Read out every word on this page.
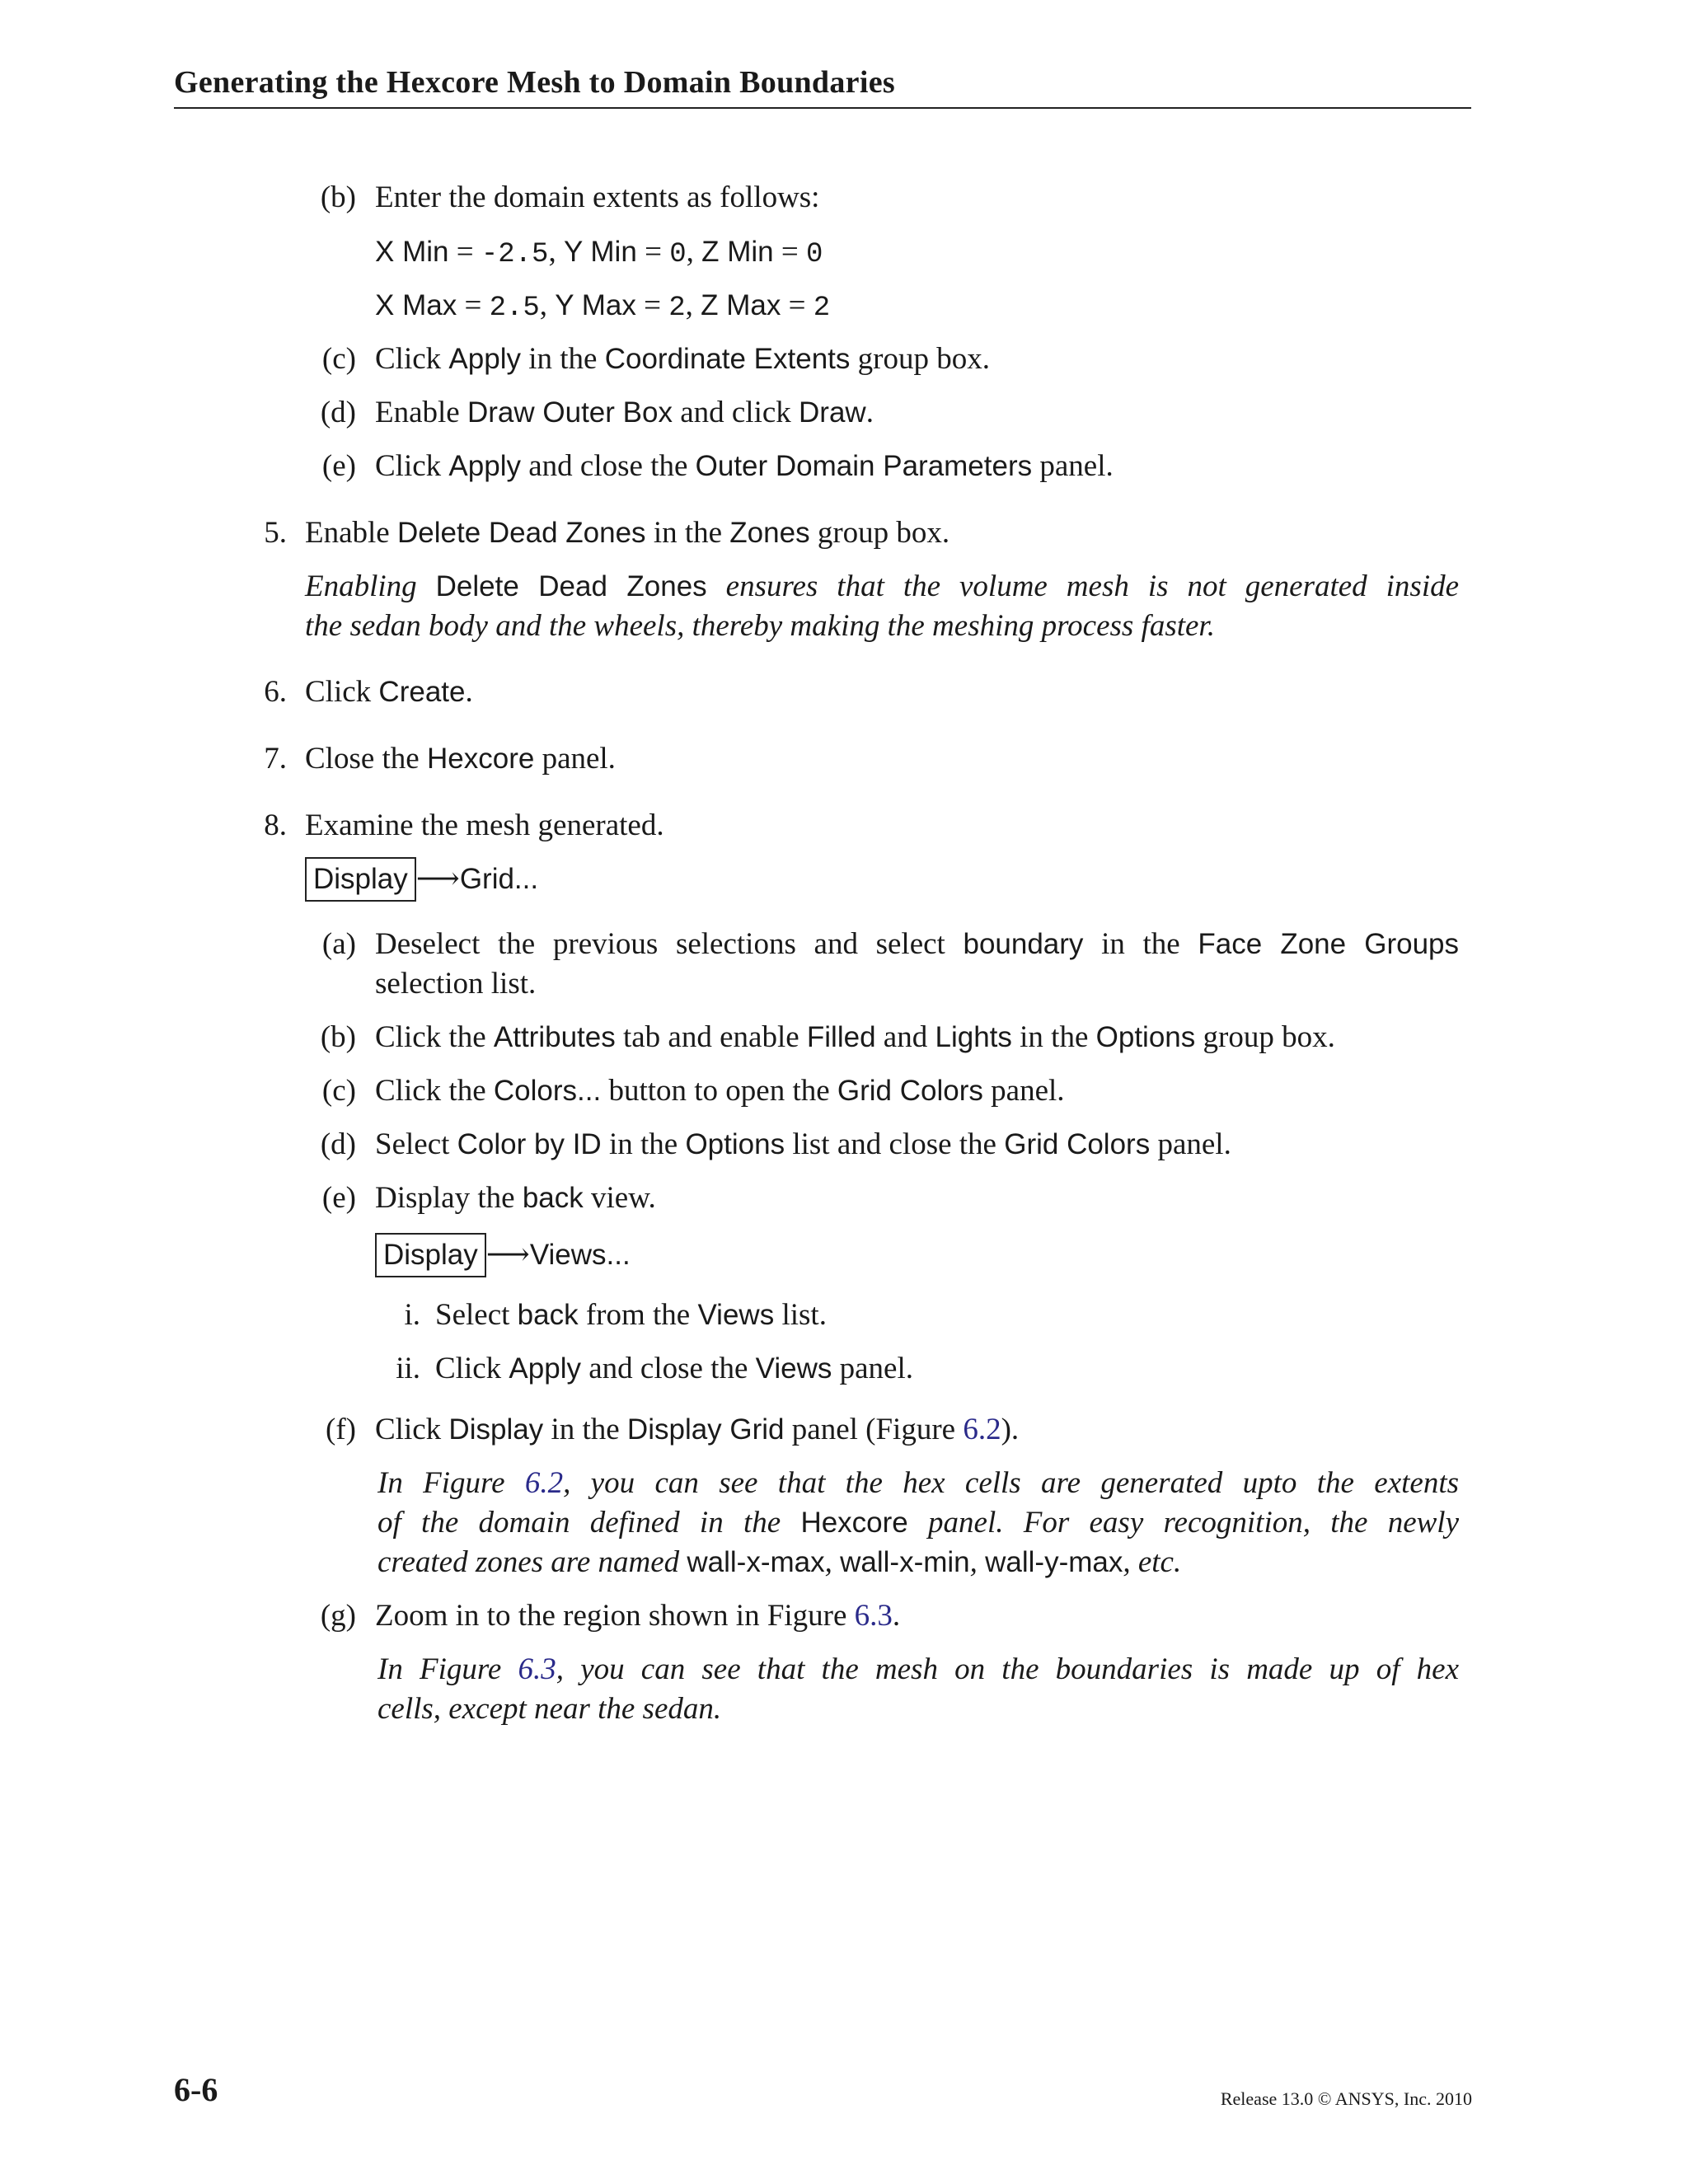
Generating the Hexcore Mesh to Domain Boundaries
(b) Enter the domain extents as follows:
X Min = -2.5, Y Min = 0, Z Min = 0
X Max = 2.5, Y Max = 2, Z Max = 2
(c) Click Apply in the Coordinate Extents group box.
(d) Enable Draw Outer Box and click Draw.
(e) Click Apply and close the Outer Domain Parameters panel.
5. Enable Delete Dead Zones in the Zones group box.
Enabling Delete Dead Zones ensures that the volume mesh is not generated inside
the sedan body and the wheels, thereby making the meshing process faster.
6. Click Create.
7. Close the Hexcore panel.
8. Examine the mesh generated.
Display ⟶Grid...
(a) Deselect the previous selections and select boundary in the Face Zone Groups
selection list.
(b) Click the Attributes tab and enable Filled and Lights in the Options group box.
(c) Click the Colors... button to open the Grid Colors panel.
(d) Select Color by ID in the Options list and close the Grid Colors panel.
(e) Display the back view.
Display ⟶Views...
i. Select back from the Views list.
ii. Click Apply and close the Views panel.
(f) Click Display in the Display Grid panel (Figure 6.2).
In Figure 6.2, you can see that the hex cells are generated upto the extents
of the domain defined in the Hexcore panel. For easy recognition, the newly
created zones are named wall-x-max, wall-x-min, wall-y-max, etc.
(g) Zoom in to the region shown in Figure 6.3.
In Figure 6.3, you can see that the mesh on the boundaries is made up of hex
cells, except near the sedan.
6-6	Release 13.0 © ANSYS, Inc. 2010
